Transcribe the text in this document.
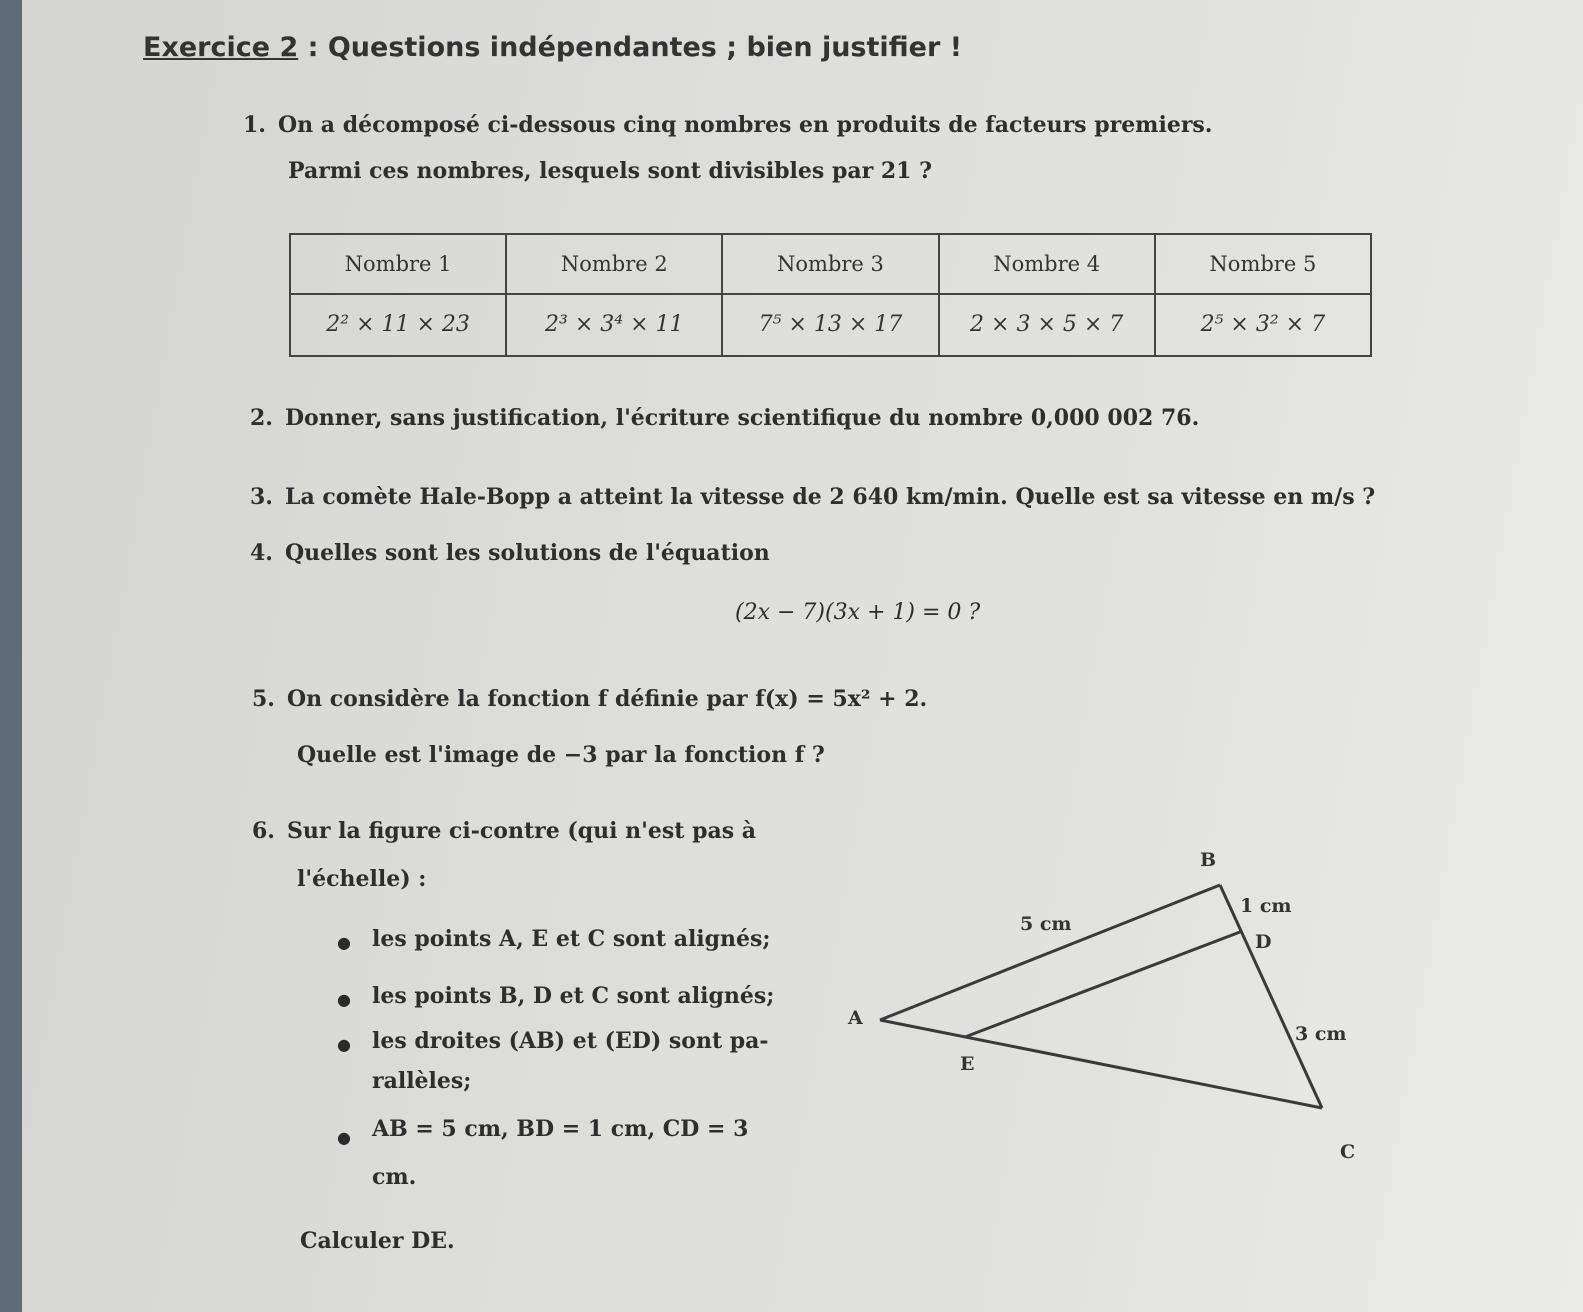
Exercice 2 : Questions indépendantes ; bien justifier !
1. On a décomposé ci-dessous cinq nombres en produits de facteurs premiers.
Parmi ces nombres, lesquels sont divisibles par 21 ?
Nombre 1	Nombre 2	Nombre 3	Nombre 4	Nombre 5
2² × 11 × 23	2³ × 3⁴ × 11	7⁵ × 13 × 17	2 × 3 × 5 × 7	2⁵ × 3² × 7
2. Donner, sans justification, l'écriture scientifique du nombre 0,000 002 76.
3. La comète Hale-Bopp a atteint la vitesse de 2 640 km/min. Quelle est sa vitesse en m/s ?
4. Quelles sont les solutions de l'équation
(2x − 7)(3x + 1) = 0 ?
5. On considère la fonction f définie par f(x) = 5x² + 2.
Quelle est l'image de −3 par la fonction f ?
6. Sur la figure ci-contre (qui n'est pas à
l'échelle) :
● les points A, E et C sont alignés;
● les points B, D et C sont alignés;
● les droites (AB) et (ED) sont pa-
rallèles;
● AB = 5 cm, BD = 1 cm, CD = 3
cm.
Calculer DE.
B
D
A
E
C
5 cm
1 cm
3 cm
